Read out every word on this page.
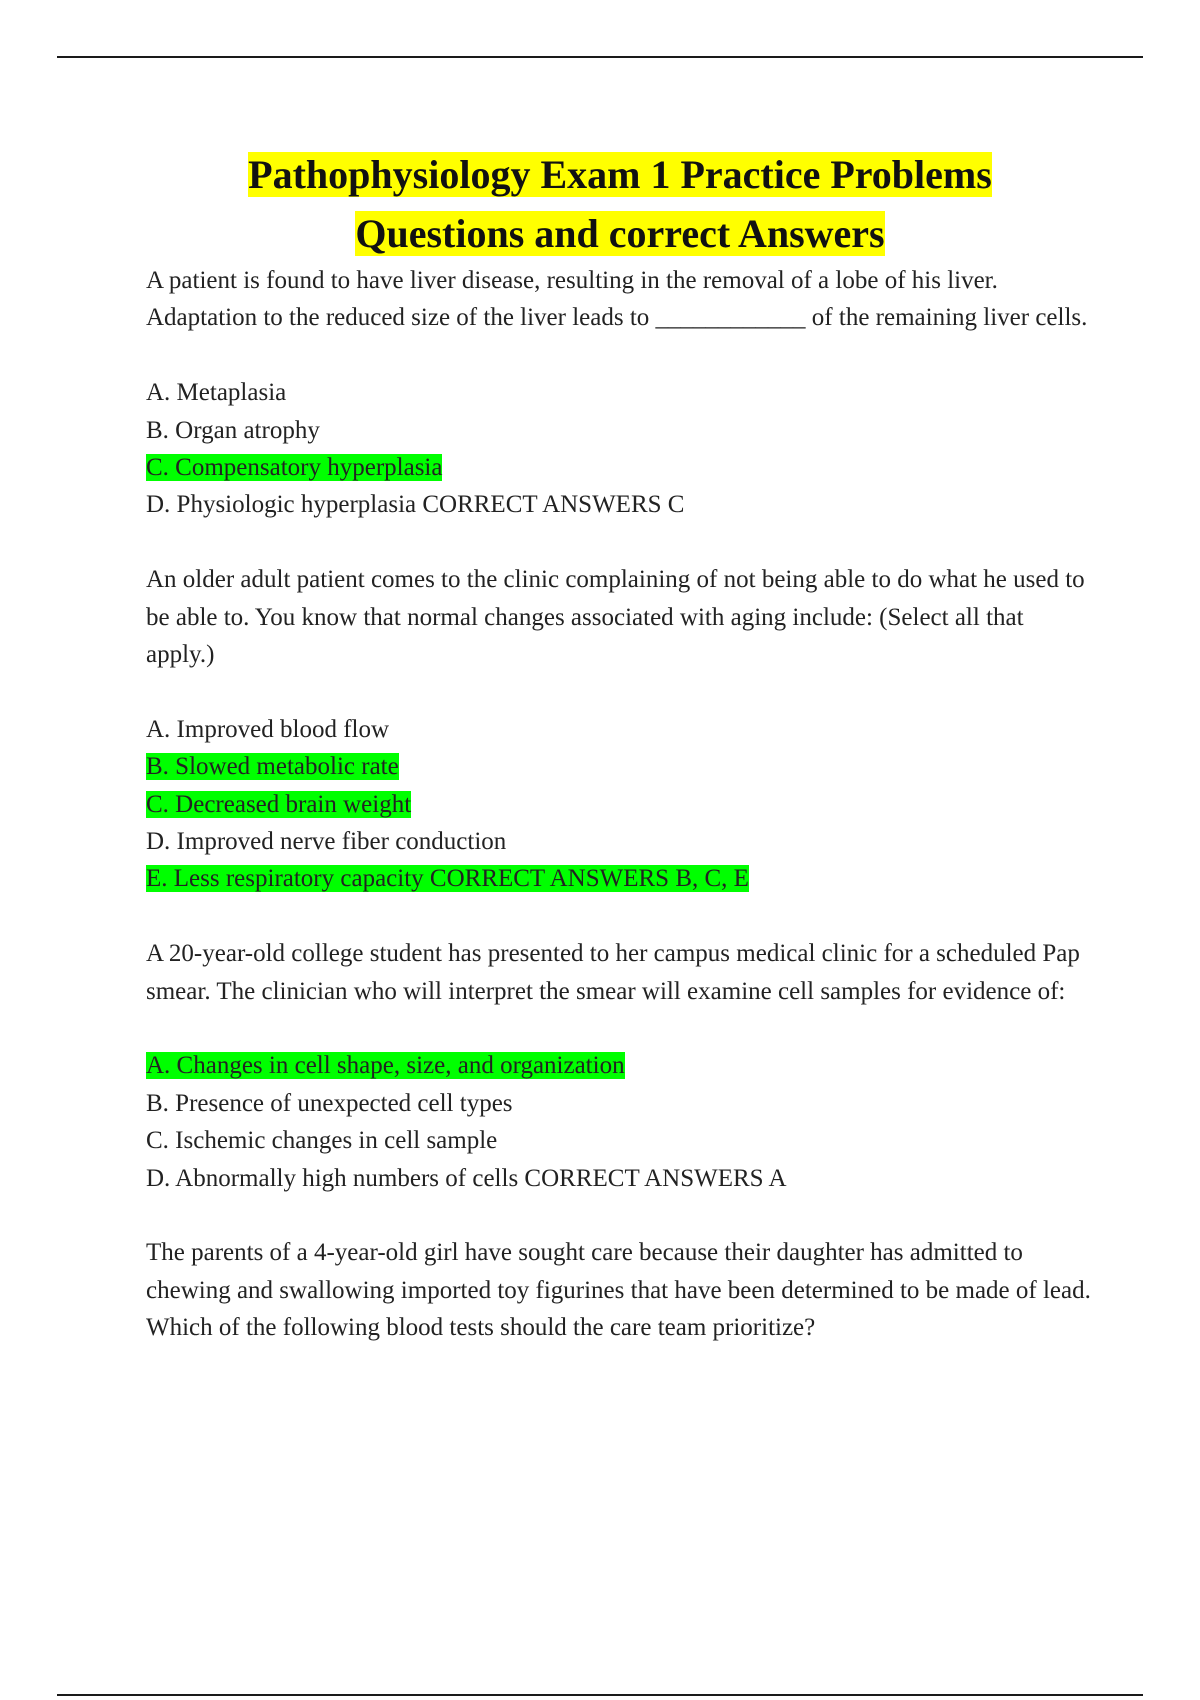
Pathophysiology Exam 1 Practice Problems
Questions and correct Answers

A patient is found to have liver disease, resulting in the removal of a lobe of his liver. Adaptation to the reduced size of the liver leads to ____________ of the remaining liver cells.

A. Metaplasia
B. Organ atrophy
C. Compensatory hyperplasia
D. Physiologic hyperplasia CORRECT ANSWERS C

An older adult patient comes to the clinic complaining of not being able to do what he used to be able to. You know that normal changes associated with aging include: (Select all that apply.)

A. Improved blood flow
B. Slowed metabolic rate
C. Decreased brain weight
D. Improved nerve fiber conduction
E. Less respiratory capacity CORRECT ANSWERS B, C, E

A 20-year-old college student has presented to her campus medical clinic for a scheduled Pap smear. The clinician who will interpret the smear will examine cell samples for evidence of:

A. Changes in cell shape, size, and organization
B. Presence of unexpected cell types
C. Ischemic changes in cell sample
D. Abnormally high numbers of cells CORRECT ANSWERS A

The parents of a 4-year-old girl have sought care because their daughter has admitted to chewing and swallowing imported toy figurines that have been determined to be made of lead. Which of the following blood tests should the care team prioritize?
